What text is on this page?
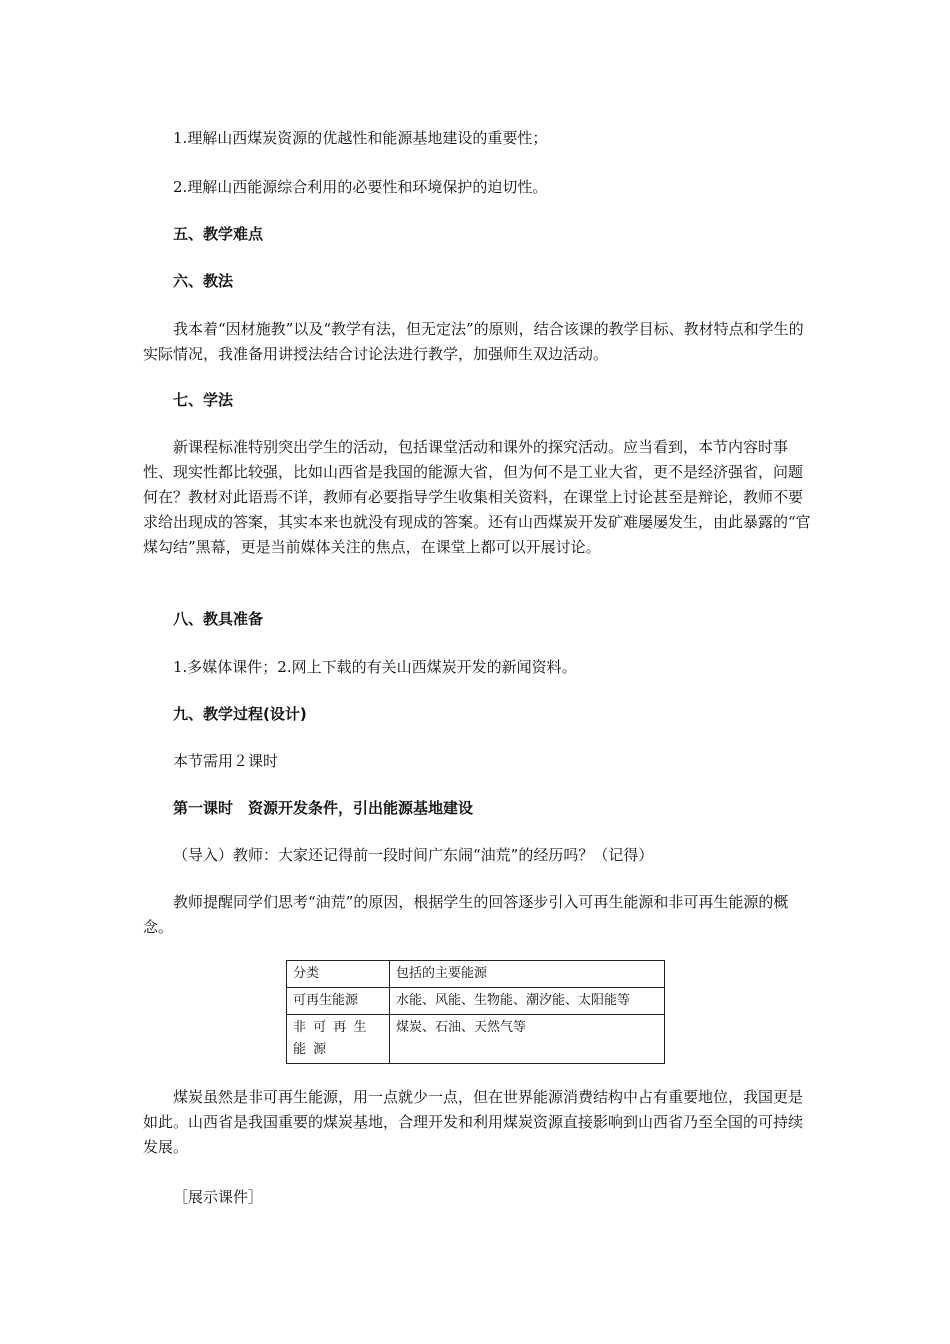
1.理解山西煤炭资源的优越性和能源基地建设的重要性；

2.理解山西能源综合利用的必要性和环境保护的迫切性。

五、教学难点

六、教法

我本着“因材施教”以及“教学有法，但无定法”的原则，结合该课的教学目标、教材特点和学生的实际情况，我准备用讲授法结合讨论法进行教学，加强师生双边活动。

七、学法

新课程标准特别突出学生的活动，包括课堂活动和课外的探究活动。应当看到，本节内容时事性、现实性都比较强，比如山西省是我国的能源大省，但为何不是工业大省，更不是经济强省，问题何在？教材对此语焉不详，教师有必要指导学生收集相关资料，在课堂上讨论甚至是辩论，教师不要求给出现成的答案，其实本来也就没有现成的答案。还有山西煤炭开发矿难屡屡发生，由此暴露的“官煤勾结”黑幕，更是当前媒体关注的焦点，在课堂上都可以开展讨论。

八、教具准备

1.多媒体课件；2.网上下载的有关山西煤炭开发的新闻资料。

九、教学过程(设计)

本节需用２课时

第一课时　资源开发条件，引出能源基地建设

（导入）教师：大家还记得前一段时间广东闹“油荒”的经历吗？（记得）

教师提醒同学们思考“油荒”的原因，根据学生的回答逐步引入可再生能源和非可再生能源的概念。

分类	包括的主要能源
可再生能源	水能、风能、生物能、潮汐能、太阳能等
非可再生能源	煤炭、石油、天然气等

煤炭虽然是非可再生能源，用一点就少一点，但在世界能源消费结构中占有重要地位，我国更是如此。山西省是我国重要的煤炭基地，合理开发和利用煤炭资源直接影响到山西省乃至全国的可持续发展。

［展示课件］
